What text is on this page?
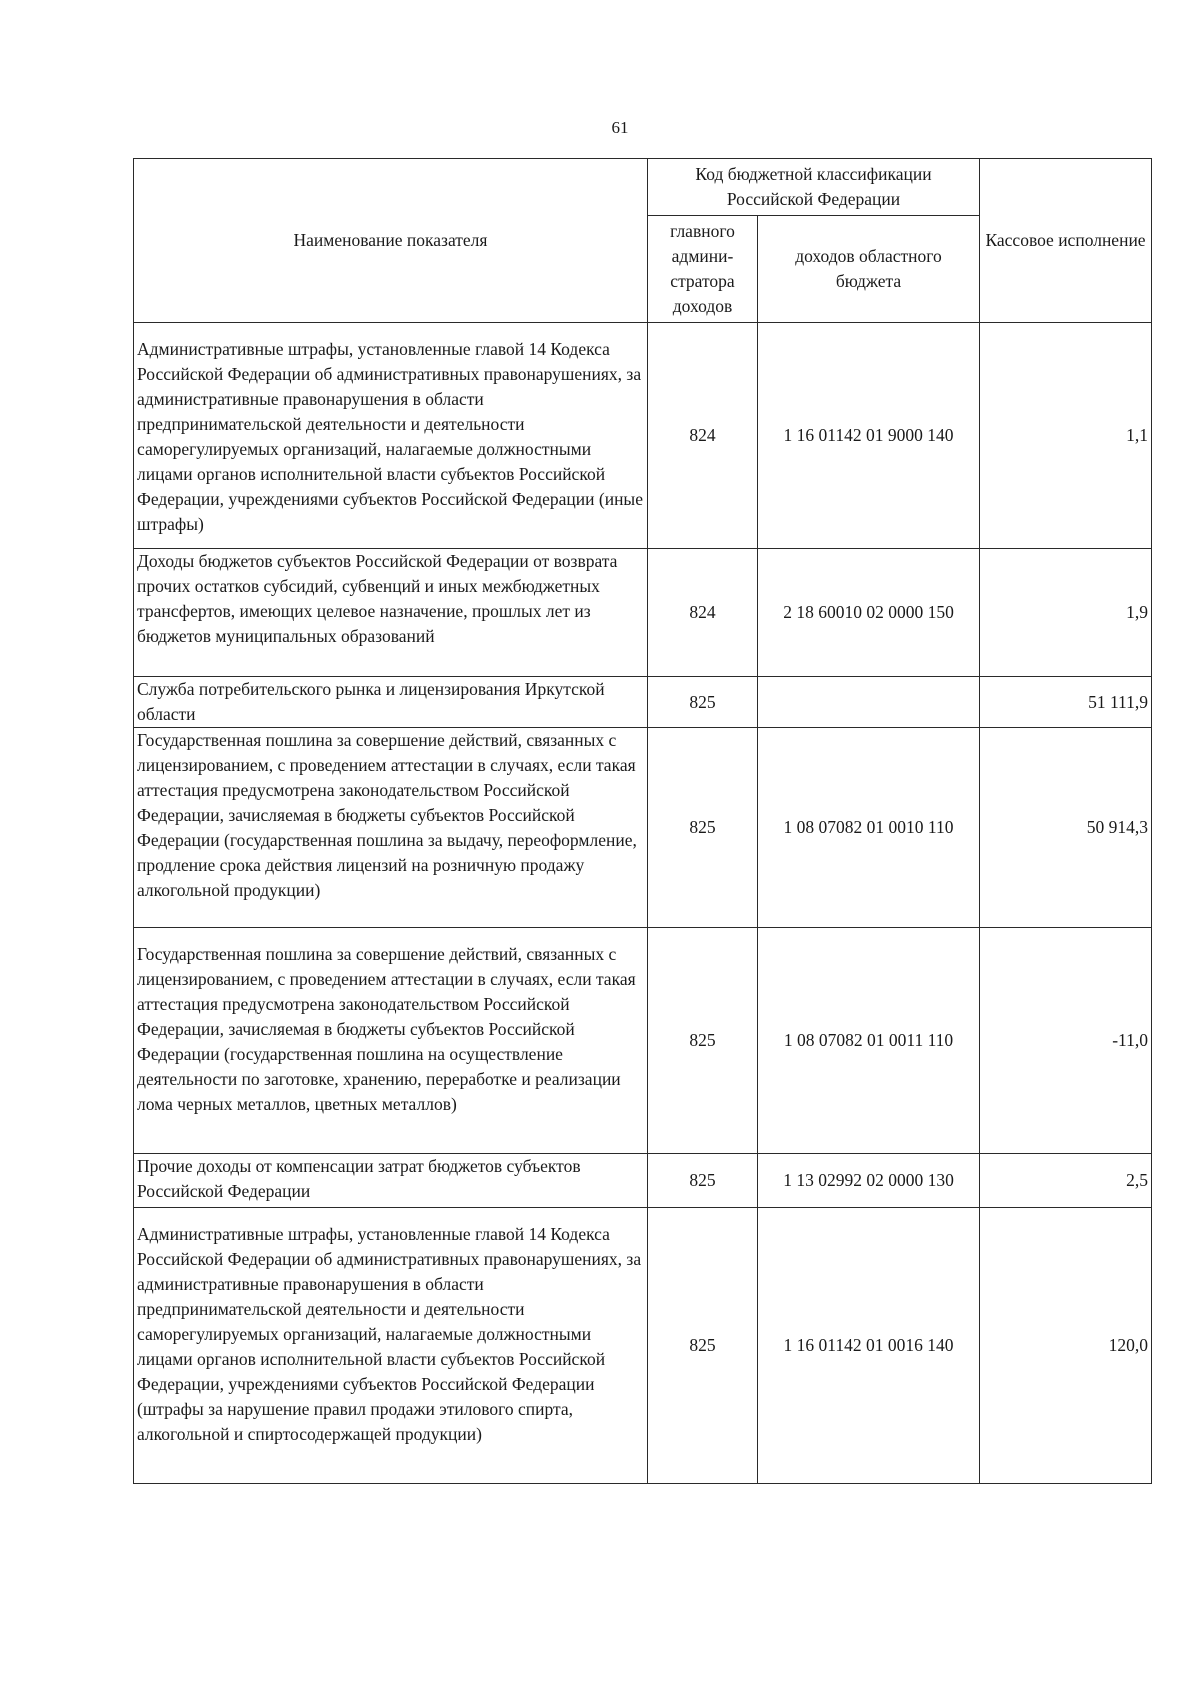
61
Наименование показателя	Код бюджетной классификации Российской Федерации		Кассовое исполнение
	главного админи-стратора доходов	доходов областного бюджета	
Административные штрафы, установленные главой 14 Кодекса Российской Федерации об административных правонарушениях, за административные правонарушения в области предпринимательской деятельности и деятельности саморегулируемых организаций, налагаемые должностными лицами органов исполнительной власти субъектов Российской Федерации, учреждениями субъектов Российской Федерации (иные штрафы)	824	1 16 01142 01 9000 140	1,1
Доходы бюджетов субъектов Российской Федерации от возврата прочих остатков субсидий, субвенций и иных межбюджетных трансфертов, имеющих целевое назначение, прошлых лет из бюджетов муниципальных образований	824	2 18 60010 02 0000 150	1,9
Служба потребительского рынка и лицензирования Иркутской области	825		51 111,9
Государственная пошлина за совершение действий, связанных с лицензированием, с проведением аттестации в случаях, если такая аттестация предусмотрена законодательством Российской Федерации, зачисляемая в бюджеты субъектов Российской Федерации (государственная пошлина за выдачу, переоформление, продление срока действия лицензий на розничную продажу алкогольной продукции)	825	1 08 07082 01 0010 110	50 914,3
Государственная пошлина за совершение действий, связанных с лицензированием, с проведением аттестации в случаях, если такая аттестация предусмотрена законодательством Российской Федерации, зачисляемая в бюджеты субъектов Российской Федерации (государственная пошлина на осуществление деятельности по заготовке, хранению, переработке и реализации лома черных металлов, цветных металлов)	825	1 08 07082 01 0011 110	-11,0
Прочие доходы от компенсации затрат бюджетов субъектов Российской Федерации	825	1 13 02992 02 0000 130	2,5
Административные штрафы, установленные главой 14 Кодекса Российской Федерации об административных правонарушениях, за административные правонарушения в области предпринимательской деятельности и деятельности саморегулируемых организаций, налагаемые должностными лицами органов исполнительной власти субъектов Российской Федерации, учреждениями субъектов Российской Федерации (штрафы за нарушение правил продажи этилового спирта, алкогольной и спиртосодержащей продукции)	825	1 16 01142 01 0016 140	120,0
